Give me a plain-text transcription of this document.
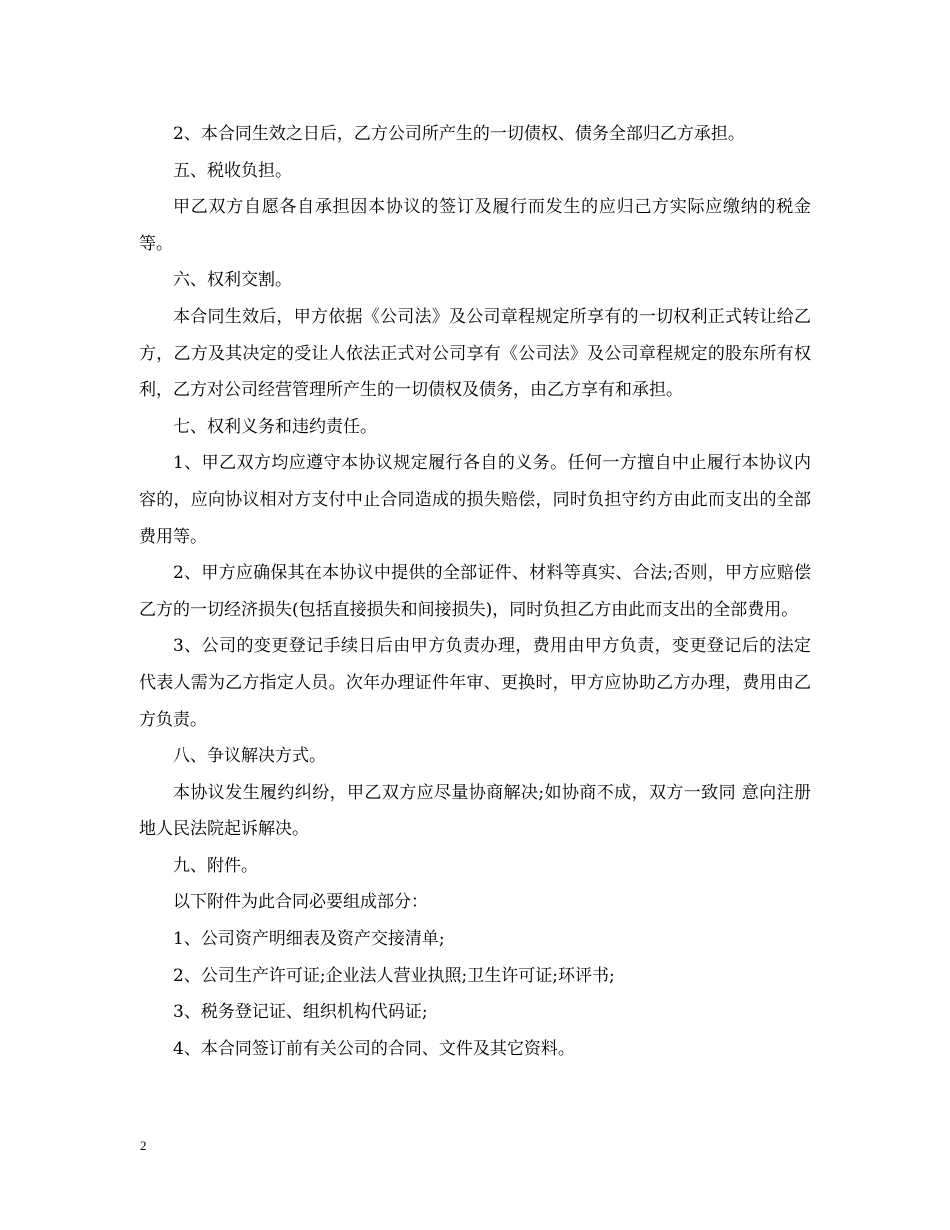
2、本合同生效之日后，乙方公司所产生的一切债权、债务全部归乙方承担。

五、税收负担。

甲乙双方自愿各自承担因本协议的签订及履行而发生的应归己方实际应缴纳的税金等。

六、权利交割。

本合同生效后，甲方依据《公司法》及公司章程规定所享有的一切权利正式转让给乙方，乙方及其决定的受让人依法正式对公司享有《公司法》及公司章程规定的股东所有权利，乙方对公司经营管理所产生的一切债权及债务，由乙方享有和承担。

七、权利义务和违约责任。

1、甲乙双方均应遵守本协议规定履行各自的义务。任何一方擅自中止履行本协议内容的，应向协议相对方支付中止合同造成的损失赔偿，同时负担守约方由此而支出的全部费用等。

2、甲方应确保其在本协议中提供的全部证件、材料等真实、合法;否则，甲方应赔偿乙方的一切经济损失(包括直接损失和间接损失)，同时负担乙方由此而支出的全部费用。

3、公司的变更登记手续日后由甲方负责办理，费用由甲方负责，变更登记后的法定代表人需为乙方指定人员。次年办理证件年审、更换时，甲方应协助乙方办理，费用由乙方负责。

八、争议解决方式。

本协议发生履约纠纷，甲乙双方应尽量协商解决;如协商不成，双方一致同 意向注册地人民法院起诉解决。

九、附件。

以下附件为此合同必要组成部分：

1、公司资产明细表及资产交接清单;

2、公司生产许可证;企业法人营业执照;卫生许可证;环评书;

3、税务登记证、组织机构代码证;

4、本合同签订前有关公司的合同、文件及其它资料。

2
